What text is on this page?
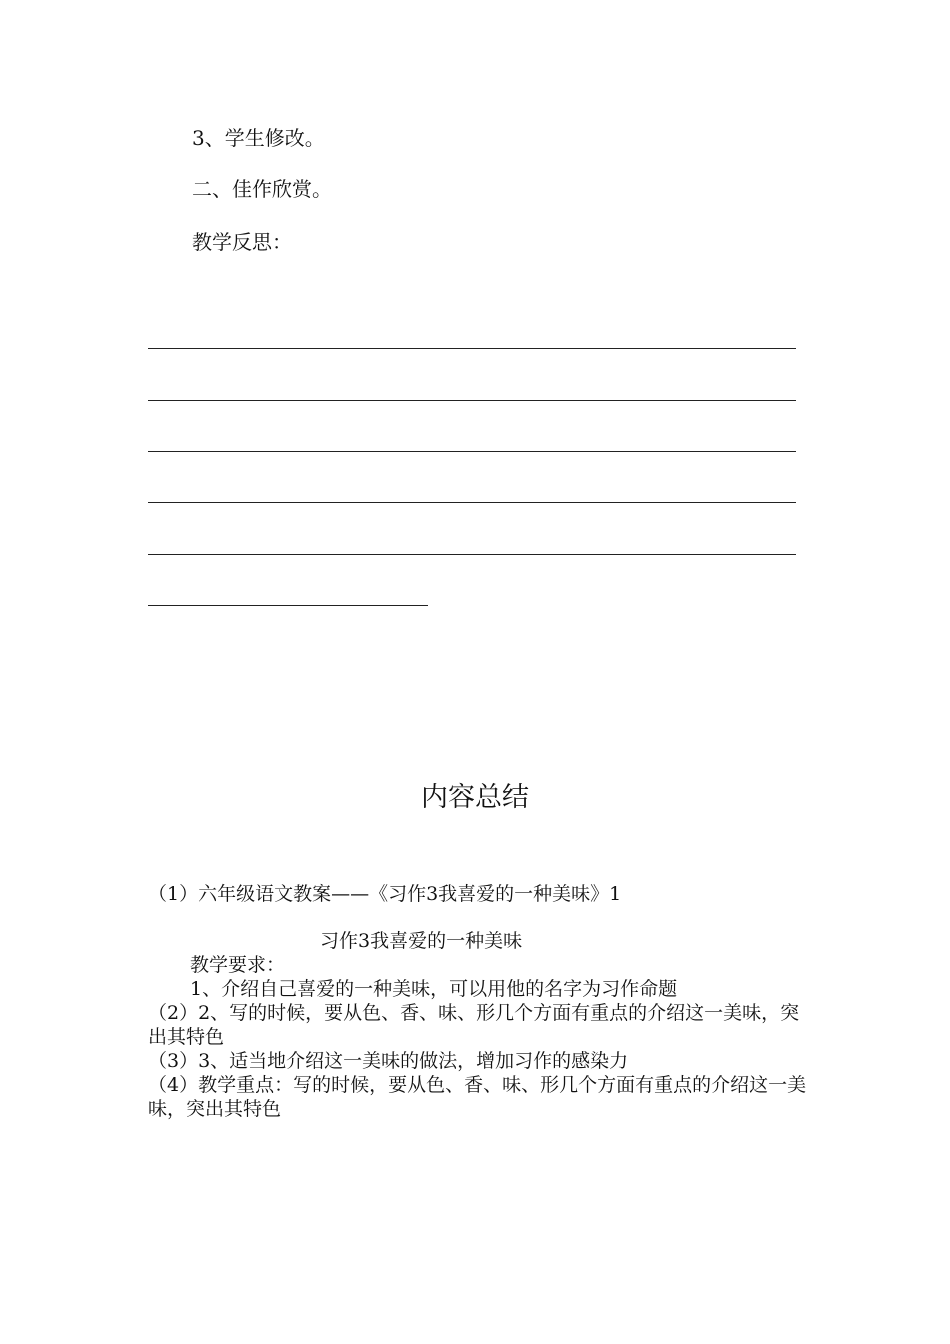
3、学生修改。
二、佳作欣赏。
教学反思：
内容总结
（1）六年级语文教案——《习作3我喜爱的一种美味》1
习作3我喜爱的一种美味
教学要求：
1、介绍自己喜爱的一种美味，可以用他的名字为习作命题
（2）2、写的时候，要从色、香、味、形几个方面有重点的介绍这一美味，突出其特色
（3）3、适当地介绍这一美味的做法，增加习作的感染力
（4）教学重点：写的时候，要从色、香、味、形几个方面有重点的介绍这一美味，突出其特色
